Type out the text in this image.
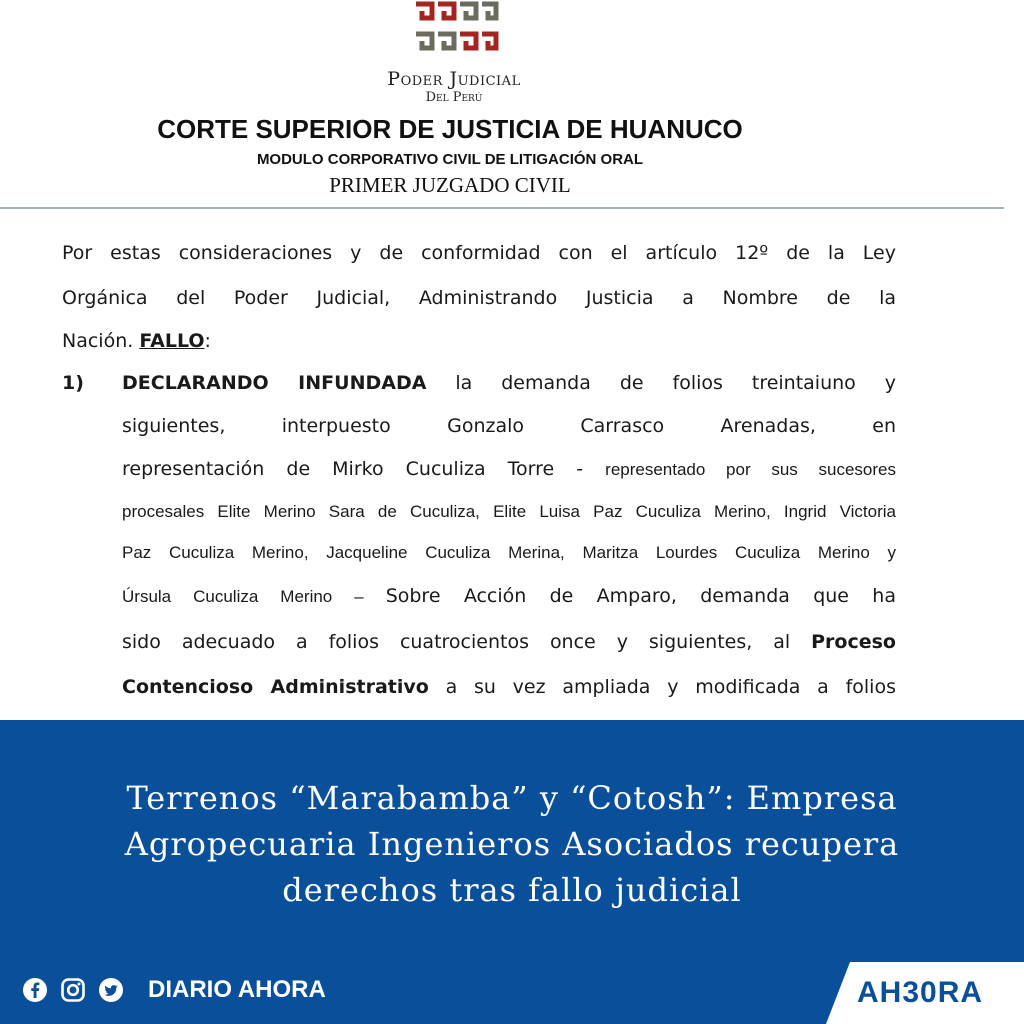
Poder Judicial
Del Perú
CORTE SUPERIOR DE JUSTICIA DE HUANUCO
MODULO CORPORATIVO CIVIL DE LITIGACIÓN ORAL
PRIMER JUZGADO CIVIL
Por estas consideraciones y de conformidad con el artículo 12º de la Ley
Orgánica del Poder Judicial, Administrando Justicia a Nombre de la
Nación. FALLO:
1) DECLARANDO INFUNDADA la demanda de folios treintaiuno y
siguientes, interpuesto Gonzalo Carrasco Arenadas, en
representación de Mirko Cuculiza Torre - representado por sus sucesores
procesales Elite Merino Sara de Cuculiza, Elite Luisa Paz Cuculiza Merino, Ingrid Victoria
Paz Cuculiza Merino, Jacqueline Cuculiza Merina, Maritza Lourdes Cuculiza Merino y
Úrsula Cuculiza Merino – Sobre Acción de Amparo, demanda que ha
sido adecuado a folios cuatrocientos once y siguientes, al Proceso
Contencioso Administrativo a su vez ampliada y modificada a folios
Terrenos “Marabamba” y “Cotosh”: Empresa
Agropecuaria Ingenieros Asociados recupera
derechos tras fallo judicial
DIARIO AHORA	AH30RA
